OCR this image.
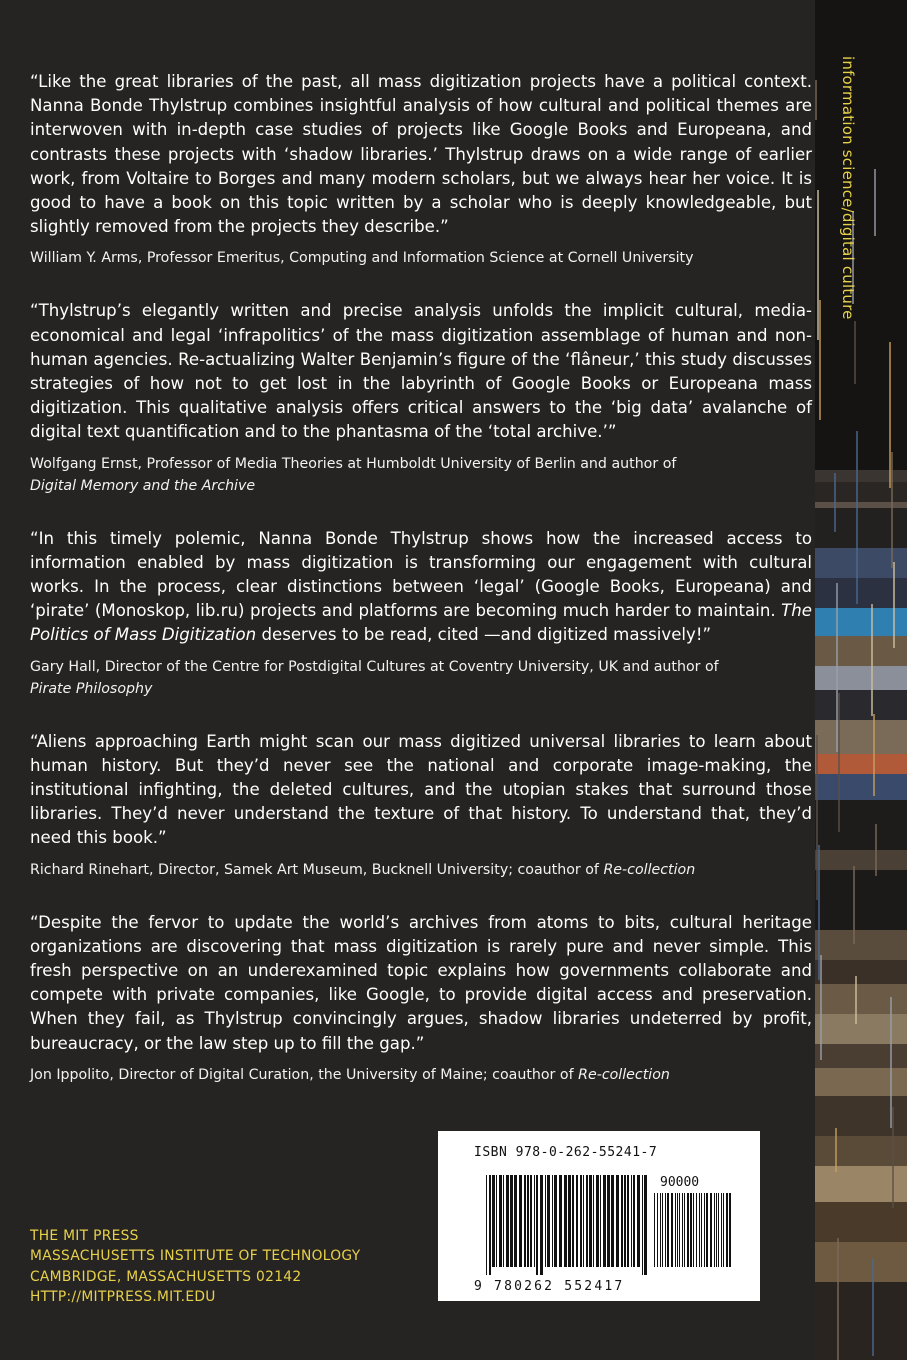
information science/digital culture

“Like the great libraries of the past, all mass digitization projects have a political context. Nanna Bonde Thylstrup combines insightful analysis of how cultural and political themes are interwoven with in-depth case studies of projects like Google Books and Europeana, and contrasts these projects with ‘shadow libraries.’ Thylstrup draws on a wide range of earlier work, from Voltaire to Borges and many modern scholars, but we always hear her voice. It is good to have a book on this topic written by a scholar who is deeply knowledgeable, but slightly removed from the projects they describe.”

William Y. Arms, Professor Emeritus, Computing and Information Science at Cornell University

“Thylstrup’s elegantly written and precise analysis unfolds the implicit cultural, media-economical and legal ‘infrapolitics’ of the mass digitization assemblage of human and non-human agencies. Re-actualizing Walter Benjamin’s figure of the ‘flâneur,’ this study discusses strategies of how not to get lost in the labyrinth of Google Books or Europeana mass digitization. This qualitative analysis offers critical answers to the ‘big data’ avalanche of digital text quantification and to the phantasma of the ‘total archive.’”

Wolfgang Ernst, Professor of Media Theories at Humboldt University of Berlin and author of
Digital Memory and the Archive

“In this timely polemic, Nanna Bonde Thylstrup shows how the increased access to information enabled by mass digitization is transforming our engagement with cultural works. In the process, clear distinctions between ‘legal’ (Google Books, Europeana) and ‘pirate’ (Monoskop, lib.ru) projects and platforms are becoming much harder to maintain. The Politics of Mass Digitization deserves to be read, cited —and digitized massively!”

Gary Hall, Director of the Centre for Postdigital Cultures at Coventry University, UK and author of
Pirate Philosophy

“Aliens approaching Earth might scan our mass digitized universal libraries to learn about human history. But they’d never see the national and corporate image-making, the institutional infighting, the deleted cultures, and the utopian stakes that surround those libraries. They’d never understand the texture of that history. To understand that, they’d need this book.”

Richard Rinehart, Director, Samek Art Museum, Bucknell University; coauthor of Re-collection

“Despite the fervor to update the world’s archives from atoms to bits, cultural heritage organizations are discovering that mass digitization is rarely pure and never simple. This fresh perspective on an underexamined topic explains how governments collaborate and compete with private companies, like Google, to provide digital access and preservation. When they fail, as Thylstrup convincingly argues, shadow libraries undeterred by profit, bureaucracy, or the law step up to fill the gap.”

Jon Ippolito, Director of Digital Curation, the University of Maine; coauthor of Re-collection

THE MIT PRESS
MASSACHUSETTS INSTITUTE OF TECHNOLOGY
CAMBRIDGE, MASSACHUSETTS 02142
HTTP://MITPRESS.MIT.EDU
ISBN 978-0-262-55241-7
90000
9 780262 552417
